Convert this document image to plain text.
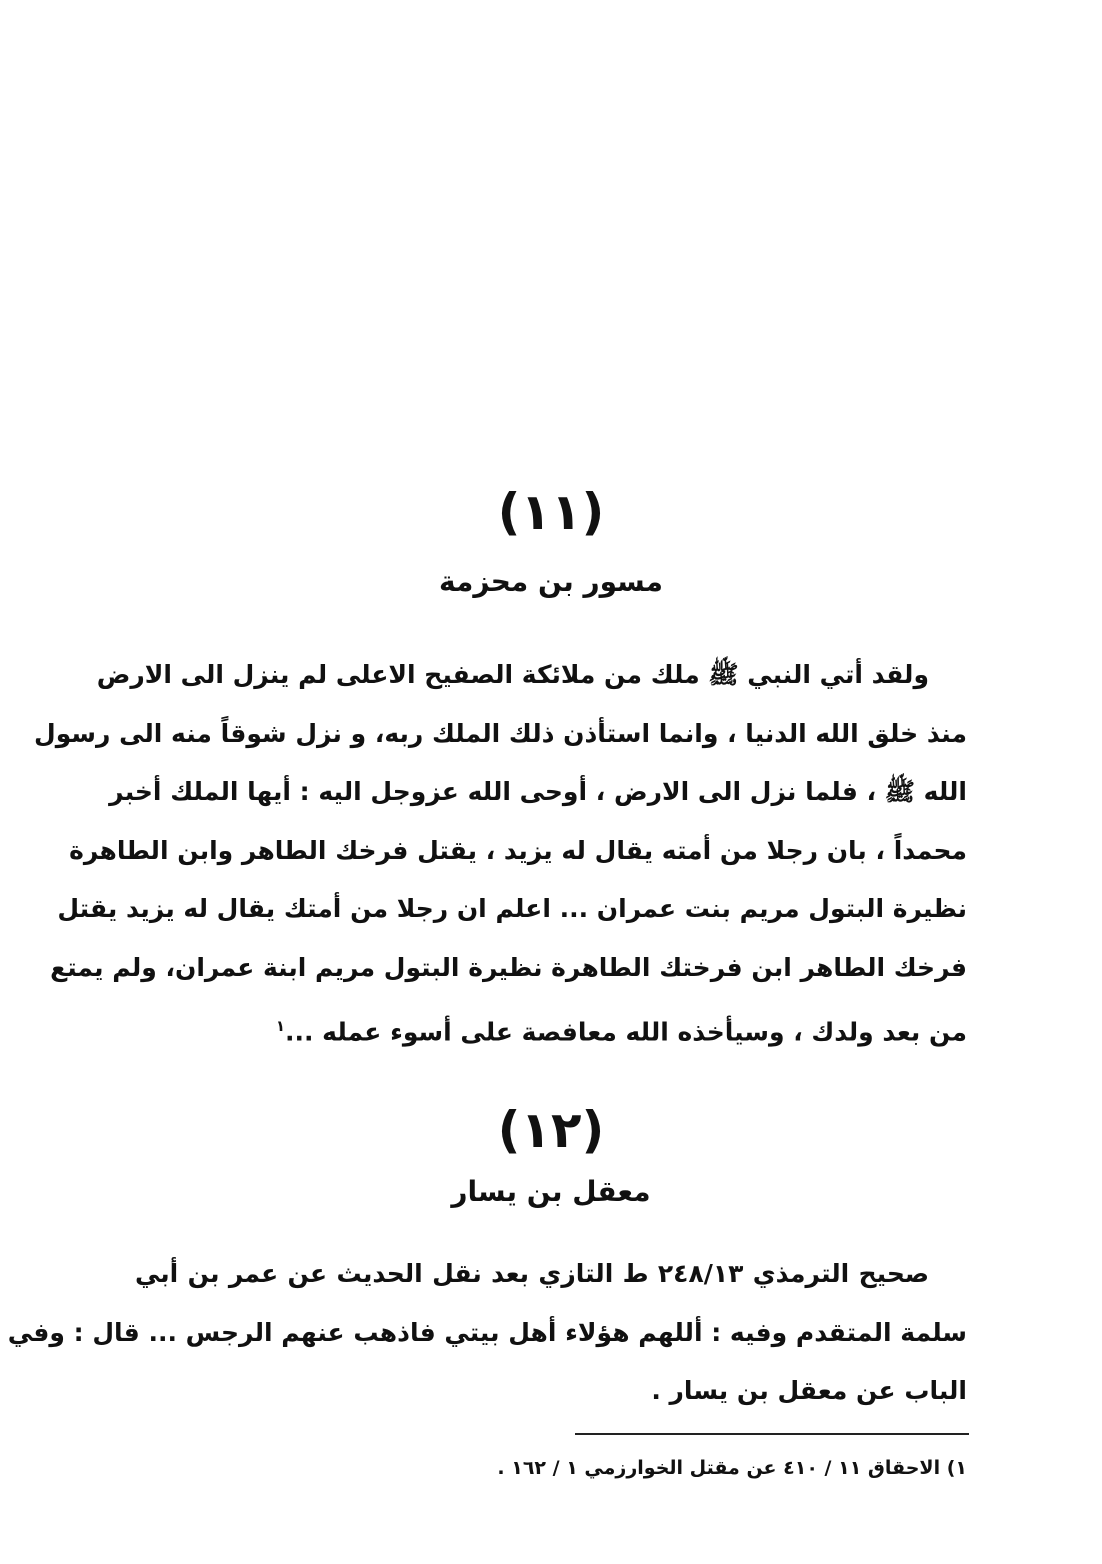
(١١)
مسور بن محزمة
ولقد أتي النبي ﷺ ملك من ملائكة الصفيح الاعلى لم ينزل الى الارض
منذ خلق الله الدنيا ، وانما استأذن ذلك الملك ربه، و نزل شوقاً منه الى رسول
الله ﷺ ، فلما نزل الى الارض ، أوحى الله عزوجل اليه : أيها الملك أخبر
محمداً ، بان رجلا من أمته يقال له يزيد ، يقتل فرخك الطاهر وابن الطاهرة
نظيرة البتول مريم بنت عمران ... اعلم ان رجلا من أمتك يقال له يزيد يقتل
فرخك الطاهر ابن فرختك الطاهرة نظيرة البتول مريم ابنة عمران، ولم يمتع
من بعد ولدك ، وسيأخذه الله معافصة على أسوء عمله ...$^١$
(١٢)
معقل بن يسار
صحيح الترمذي ٢٤٨/١٣ ط التازي بعد نقل الحديث عن عمر بن أبي
سلمة المتقدم وفيه : أللهم هؤلاء أهل بيتي فاذهب عنهم الرجس ... قال : وفي
الباب عن معقل بن يسار .
١) الاحقاق ١١ / ٤١٠ عن مقتل الخوارزمي ١ / ١٦٢ .
